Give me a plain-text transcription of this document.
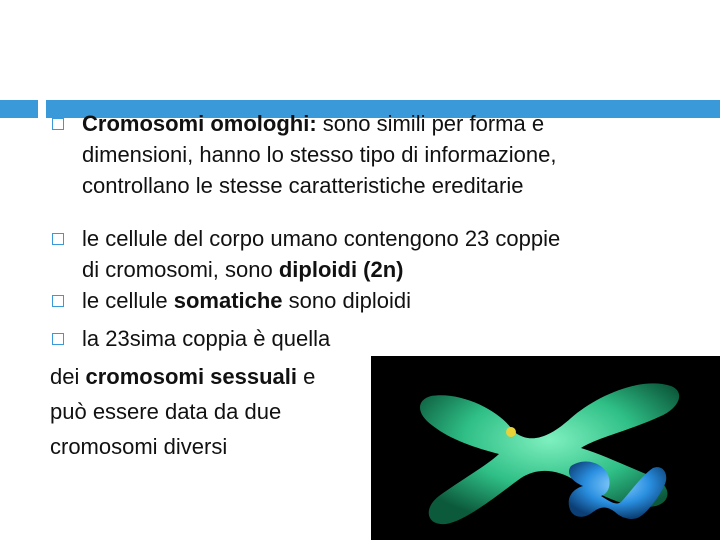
Cromosomi omologhi: sono simili per forma e
dimensioni, hanno lo stesso tipo di informazione,
controllano le stesse caratteristiche ereditarie
le cellule del corpo umano contengono 23 coppie
di cromosomi, sono diploidi (2n)
le cellule somatiche sono diploidi
la 23sima coppia è quella
dei cromosomi sessuali e
può essere data da due
cromosomi diversi
